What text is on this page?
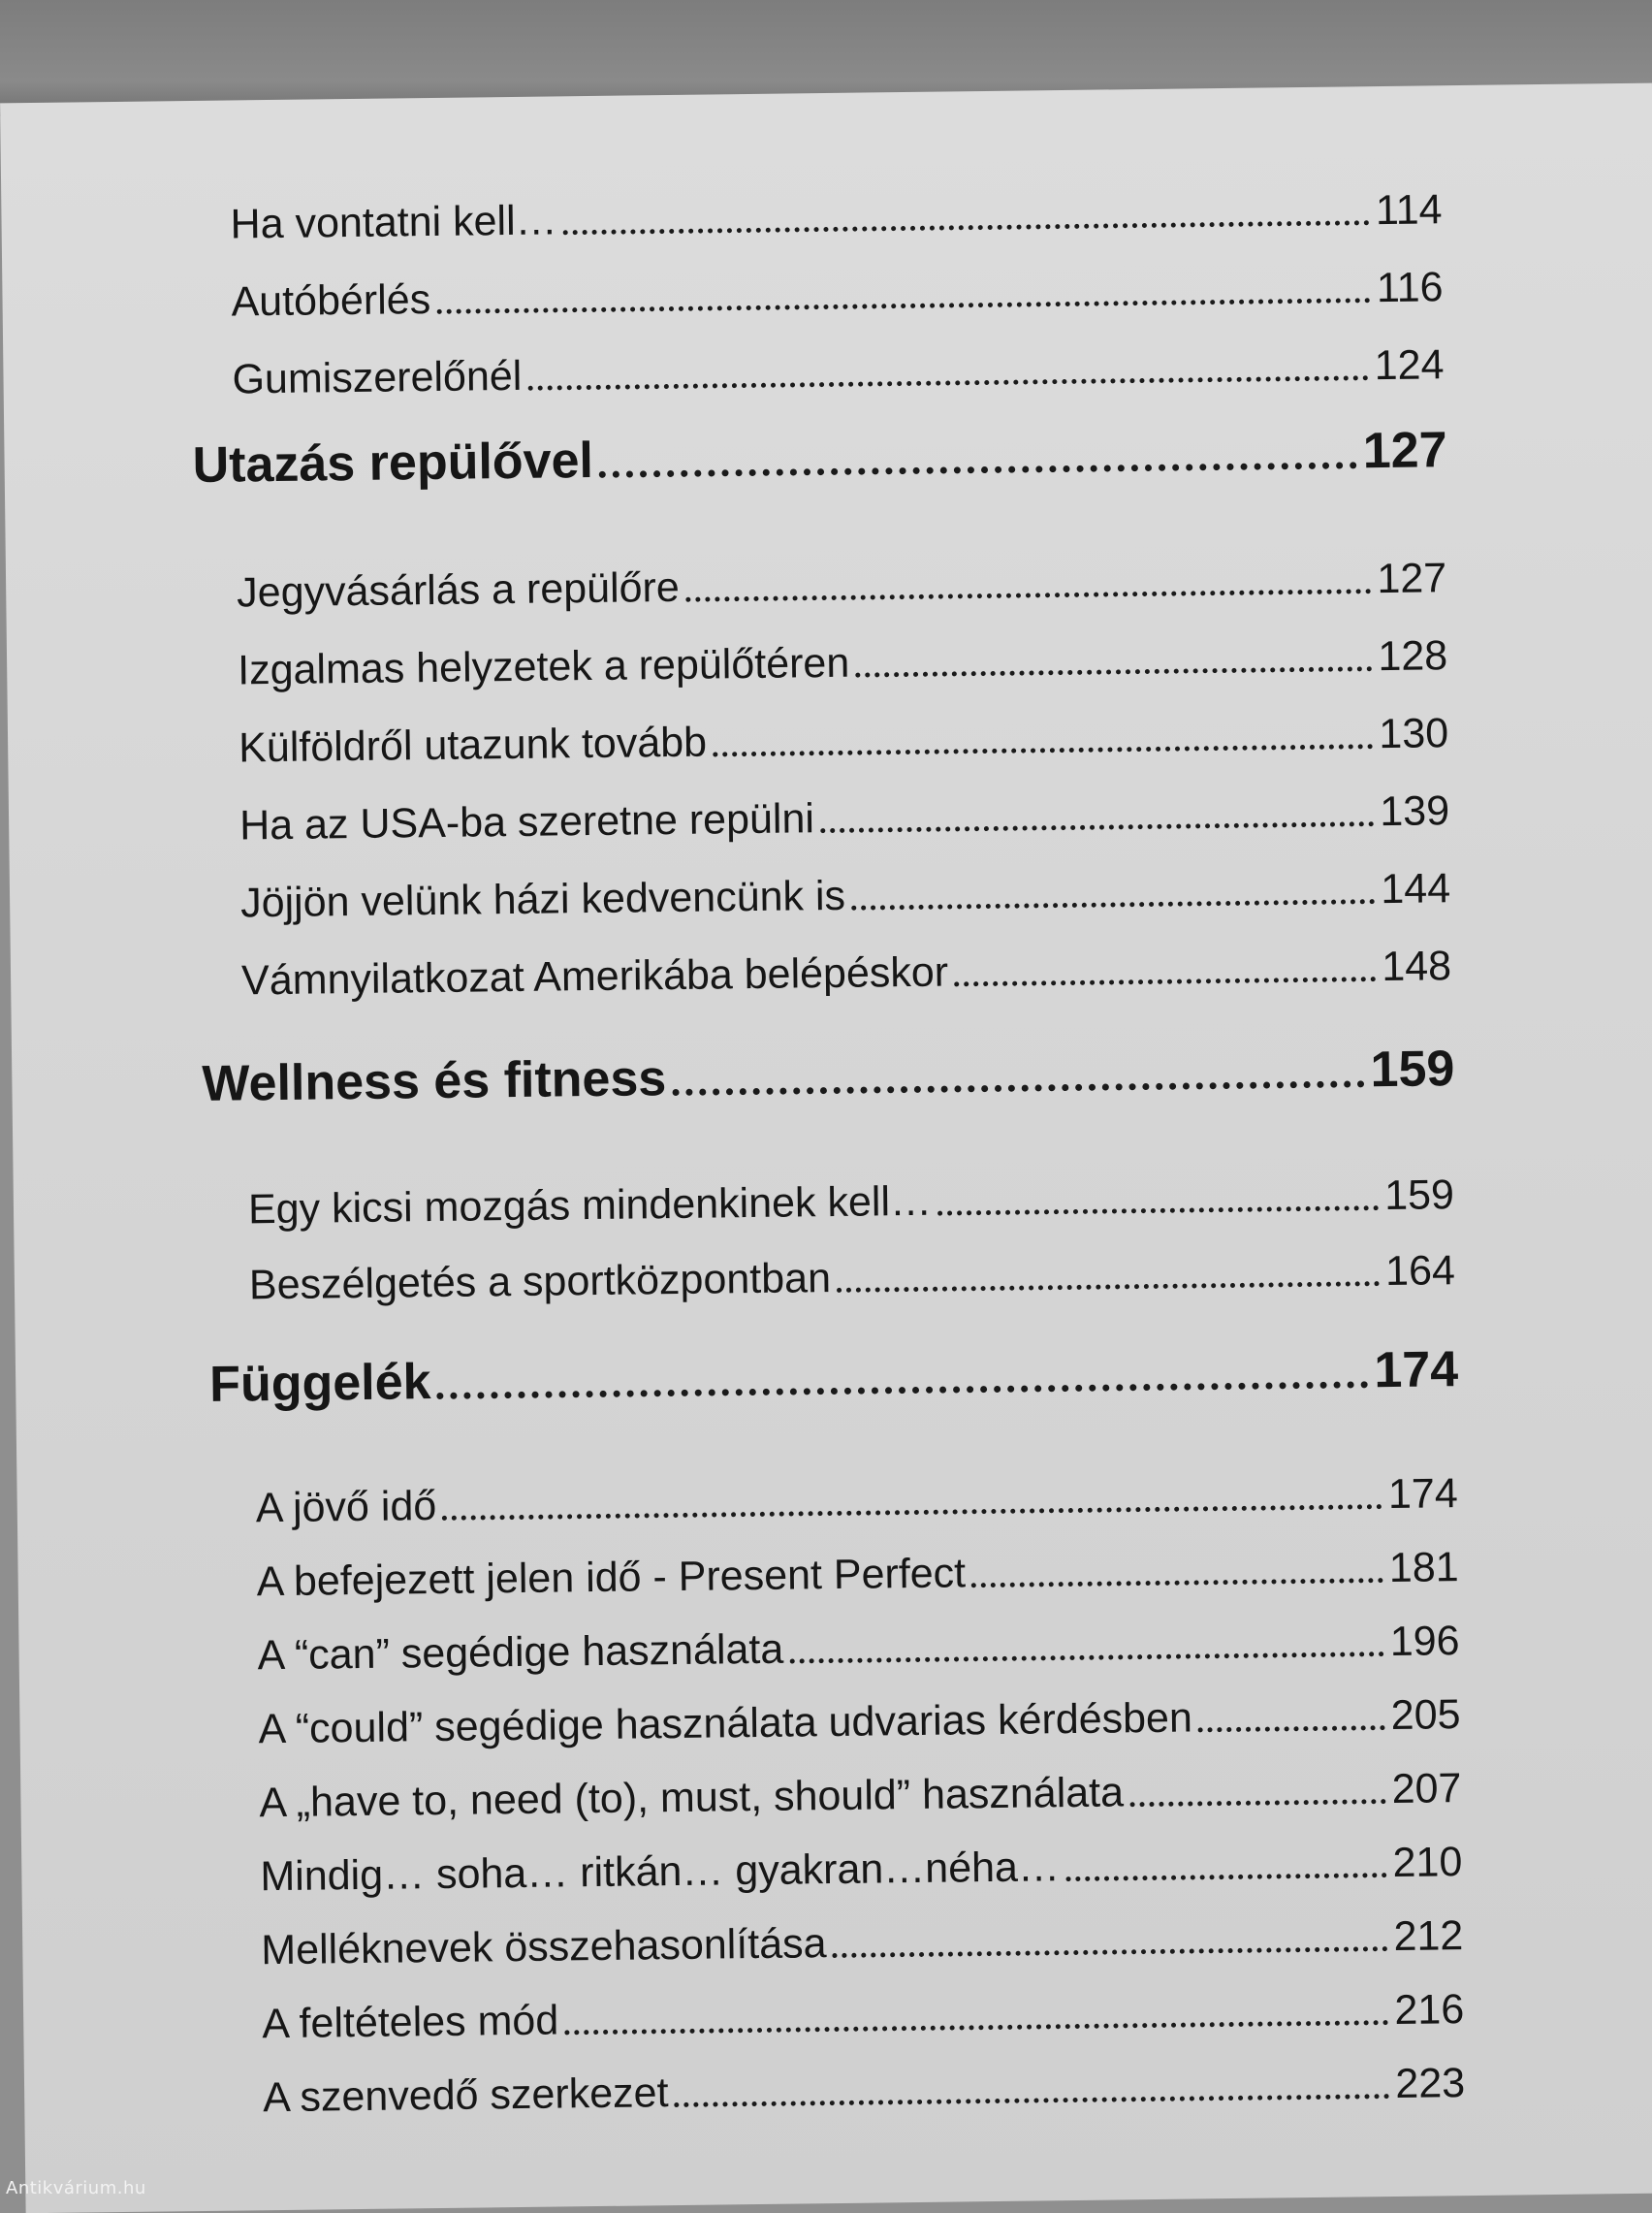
Ha vontatni kell…	114
Autóbérlés	116
Gumiszerelőnél	124
Utazás repülővel	127
Jegyvásárlás a repülőre	127
Izgalmas helyzetek a repülőtéren	128
Külföldről utazunk tovább	130
Ha az USA-ba szeretne repülni	139
Jöjjön velünk házi kedvencünk is	144
Vámnyilatkozat Amerikába belépéskor	148
Wellness és fitness	159
Egy kicsi mozgás mindenkinek kell…	159
Beszélgetés a sportközpontban	164
Függelék	174
A jövő idő	174
A befejezett jelen idő - Present Perfect	181
A “can” segédige használata	196
A “could” segédige használata udvarias kérdésben	205
A „have to, need (to), must, should” használata	207
Mindig… soha… ritkán… gyakran…néha…	210
Melléknevek összehasonlítása	212
A feltételes mód	216
A szenvedő szerkezet	223
Antikvárium.hu
